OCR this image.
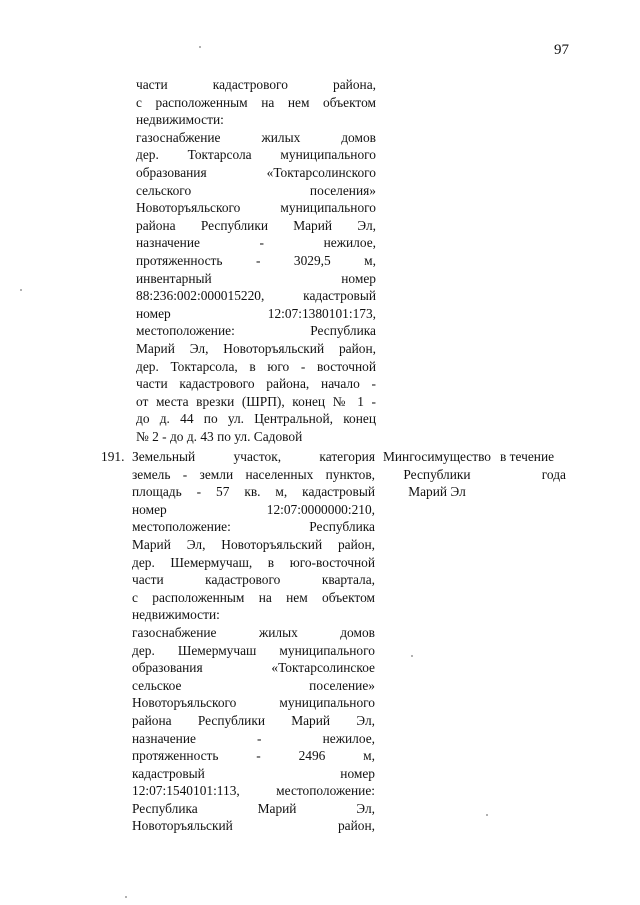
97
части кадастрового района,
с расположенным на нем объектом
недвижимости:
газоснабжение жилых домов
дер. Токтарсола муниципального
образования «Токтарсолинского
сельского поселения»
Новоторъяльского муниципального
района Республики Марий Эл,
назначение - нежилое,
протяженность - 3029,5 м,
инвентарный номер
88:236:002:000015220, кадастровый
номер 12:07:1380101:173,
местоположение: Республика
Марий Эл, Новоторъяльский район,
дер. Токтарсола, в юго - восточной
части кадастрового района, начало -
от места врезки (ШРП), конец № 1 -
до д. 44 по ул. Центральной, конец
№ 2 - до д. 43 по ул. Садовой
191. Земельный участок, категория
земель - земли населенных пунктов,
площадь - 57 кв. м, кадастровый
номер 12:07:0000000:210,
местоположение: Республика
Марий Эл, Новоторъяльский район,
дер. Шемермучаш, в юго-восточной
части кадастрового квартала,
с расположенным на нем объектом
недвижимости:
газоснабжение жилых домов
дер. Шемермучаш муниципального
образования «Токтарсолинское
сельское поселение»
Новоторъяльского муниципального
района Республики Марий Эл,
назначение - нежилое,
протяженность - 2496 м,
кадастровый номер
12:07:1540101:113, местоположение:
Республика Марий Эл,
Новоторъяльский район,
Мингосимущество
Республики
Марий Эл
в течение
года
